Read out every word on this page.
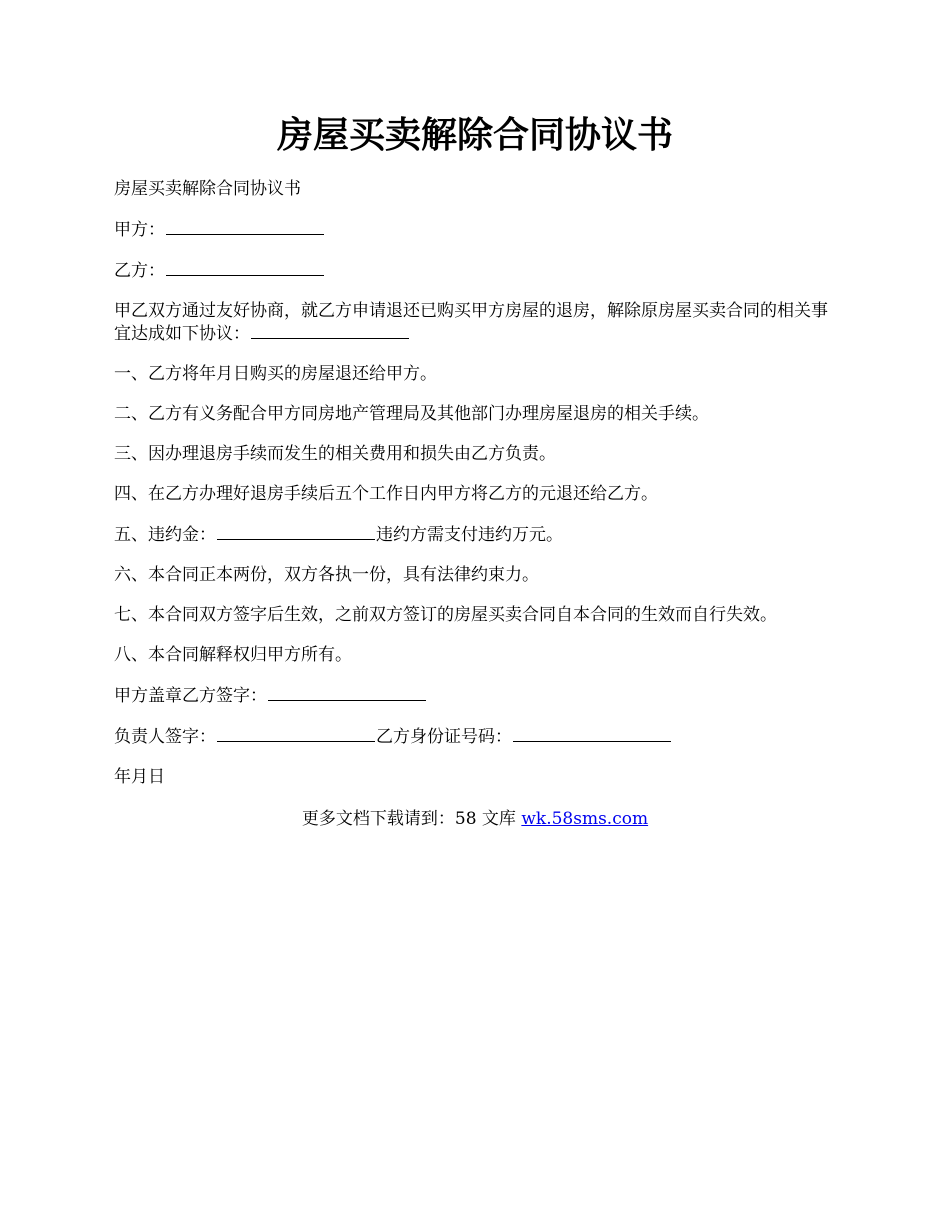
房屋买卖解除合同协议书

房屋买卖解除合同协议书

甲方：

乙方：

甲乙双方通过友好协商，就乙方申请退还已购买甲方房屋的退房，解除原房屋买卖合同的相关事宜达成如下协议：

一、乙方将年月日购买的房屋退还给甲方。

二、乙方有义务配合甲方同房地产管理局及其他部门办理房屋退房的相关手续。

三、因办理退房手续而发生的相关费用和损失由乙方负责。

四、在乙方办理好退房手续后五个工作日内甲方将乙方的元退还给乙方。

五、违约金：	违约方需支付违约万元。

六、本合同正本两份，双方各执一份，具有法律约束力。

七、本合同双方签字后生效，之前双方签订的房屋买卖合同自本合同的生效而自行失效。

八、本合同解释权归甲方所有。

甲方盖章乙方签字：

负责人签字：	乙方身份证号码：

年月日

更多文档下载请到：58 文库 wk.58sms.com
